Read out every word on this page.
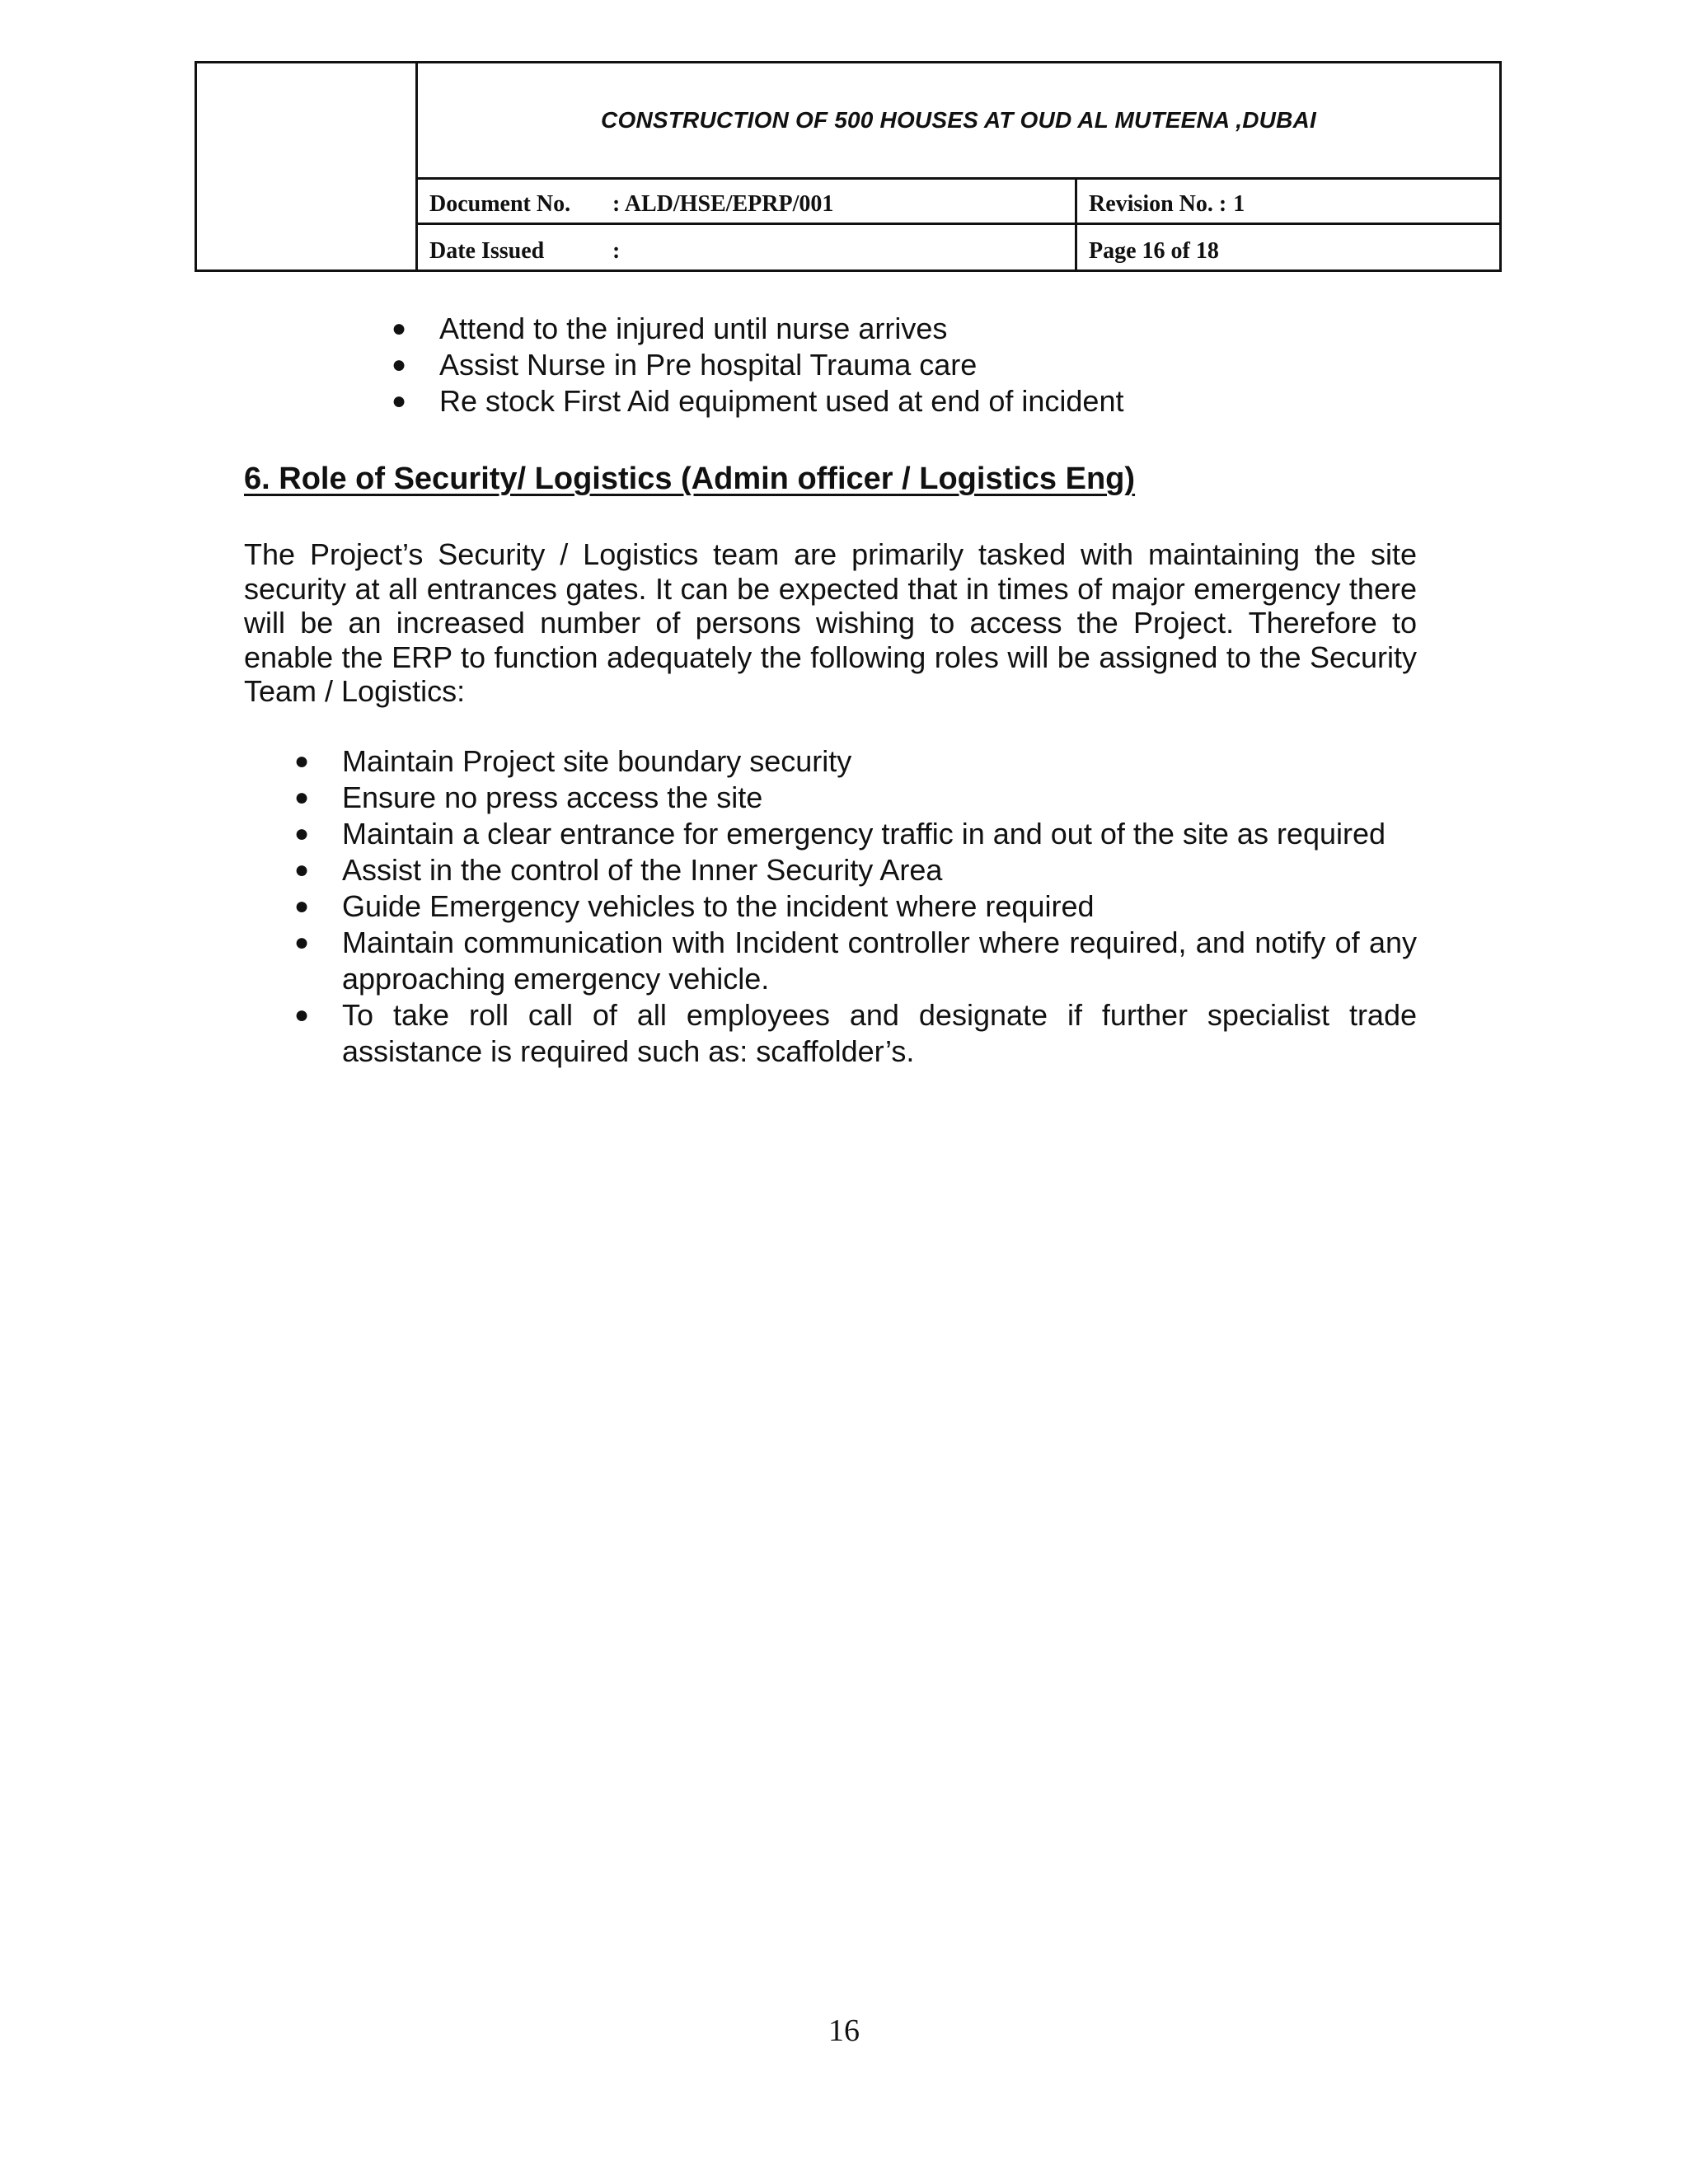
CONSTRUCTION OF 500 HOUSES AT OUD AL MUTEENA ,DUBAI
Document No.	: ALD/HSE/EPRP/001	Revision No. : 1
Date Issued	:	Page 16 of 18
● Attend to the injured until nurse arrives
● Assist Nurse in Pre hospital Trauma care
● Re stock First Aid equipment used at end of incident
6. Role of Security/ Logistics (Admin officer / Logistics Eng)

The Project’s Security / Logistics team are primarily tasked with maintaining the site security at all entrances gates. It can be expected that in times of major emergency there will be an increased number of persons wishing to access the Project. Therefore to enable the ERP to function adequately the following roles will be assigned to the Security Team / Logistics:

● Maintain Project site boundary security
● Ensure no press access the site
● Maintain a clear entrance for emergency traffic in and out of the site as required
● Assist in the control of the Inner Security Area
● Guide Emergency vehicles to the incident where required
● Maintain communication with Incident controller where required, and notify of any approaching emergency vehicle.
● To take roll call of all employees and designate if further specialist trade assistance is required such as: scaffolder’s.
16
